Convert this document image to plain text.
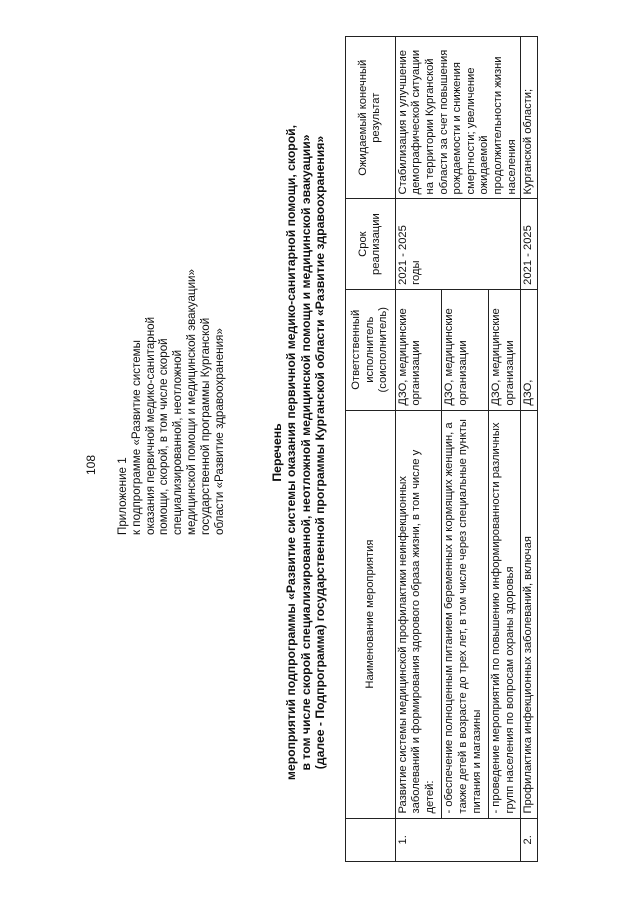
108 Приложение 1 к подпрограмме «Развитие системы оказания первичной медико-санитарной помощи, скорой, в том числе скорой специализированной, неотложной медицинской помощи и медицинской эвакуации» государственной программы Курганской области «Развитие здравоохранения»	Перечень мероприятий подпрограммы «Развитие системы оказания первичной медико-санитарной помощи, скорой, в том числе скорой специализированной, неотложной медицинской помощи и медицинской эвакуации» (далее - Подпрограмма) государственной программы Курганской области «Развитие здравоохранения»
		Наименование мероприятия	Ответственный исполнитель (соисполнитель)	Срок реализации	Ожидаемый конечный результат
1.	Развитие системы медицинской профилактики неинфекционных заболеваний и формирования здорового образа жизни, в том числе у детей:	ДЗО, медицинские организации	2021 - 2025 годы	Стабилизация и улучшение демографической ситуации на территории Курганской области за счет повышения рождаемости и снижения смертности; увеличение ожидаемой продолжительности жизни населения
	- обеспечение полноценным питанием беременных и кормящих женщин, а также детей в возрасте до трех лет, в том числе через специальные пункты питания и магазины	ДЗО, медицинские организации		
	- проведение мероприятий по повышению информированности различных групп населения по вопросам охраны здоровья	ДЗО, медицинские организации		
2.	Профилактика инфекционных заболеваний, включая	ДЗО,	2021 - 2025	Курганской области;
